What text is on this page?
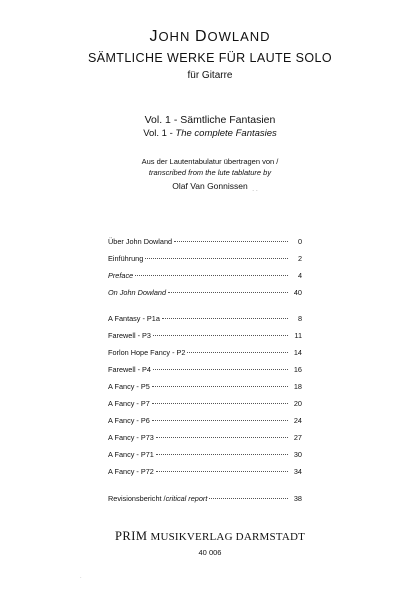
JOHN DOWLAND
SÄMTLICHE WERKE FÜR LAUTE SOLO
für Gitarre
Vol. 1 - Sämtliche Fantasien
Vol. 1 - The complete Fantasies
Aus der Lautentabulatur übertragen von /
transcribed from the lute tablature by
Olaf Van Gonnissen · ·
Über John Dowland	0
Einführung	2
Preface	4
On John Dowland	40
A Fantasy - P1a	8
Farewell - P3	11
Forlon Hope Fancy - P2	14
Farewell - P4	16
A Fancy - P5	18
A Fancy - P7	20
A Fancy - P6	24
A Fancy - P73	27
A Fancy - P71	30
A Fancy - P72	34
Revisionsbericht /critical report	38
PRIM MUSIKVERLAG DARMSTADT
40 006
·
